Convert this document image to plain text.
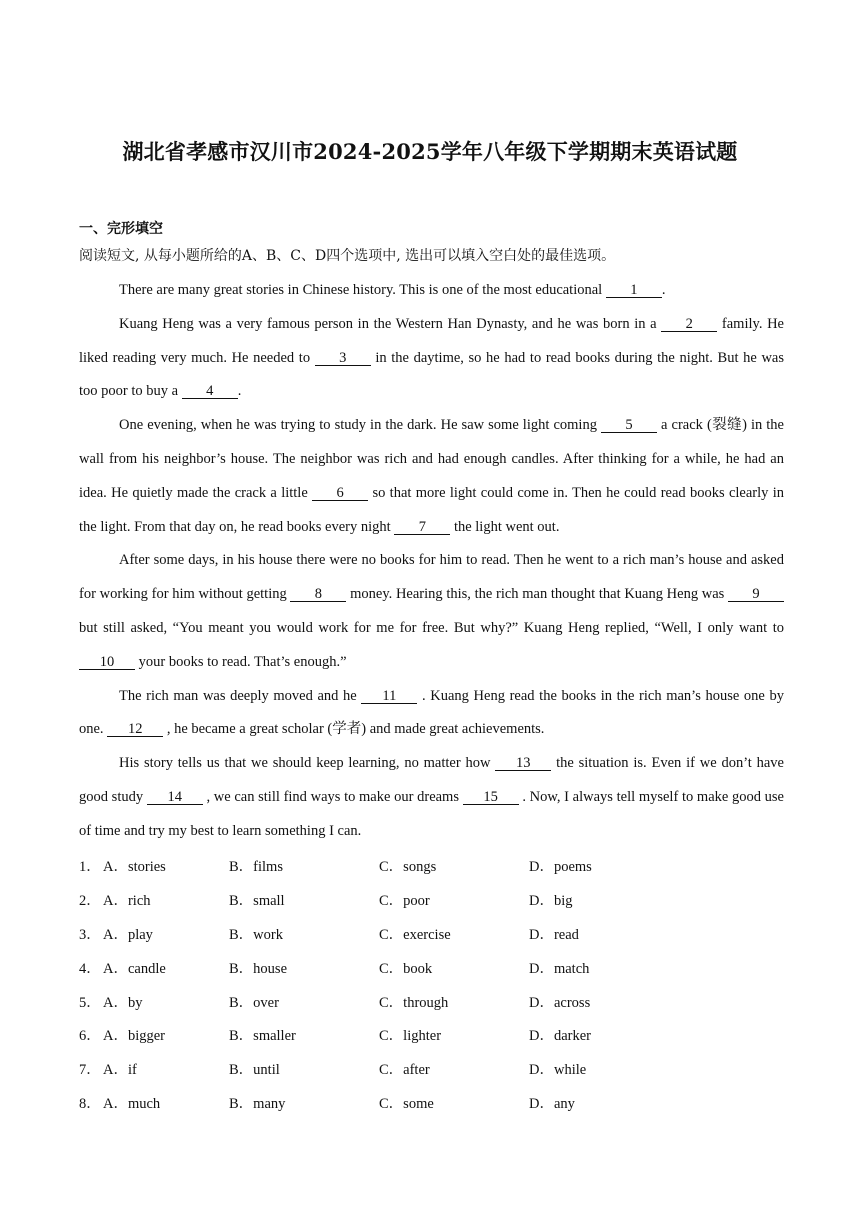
湖北省孝感市汉川市2024-2025学年八年级下学期期末英语试题
一、完形填空
阅读短文, 从每小题所给的A、B、C、D四个选项中, 选出可以填入空白处的最佳选项。

There are many great stories in Chinese history. This is one of the most educational 1 .

Kuang Heng was a very famous person in the Western Han Dynasty, and he was born in a 2 family. He liked reading very much. He needed to 3 in the daytime, so he had to read books during the night. But he was too poor to buy a 4 .

One evening, when he was trying to study in the dark. He saw some light coming 5 a crack (裂缝) in the wall from his neighbor’s house. The neighbor was rich and had enough candles. After thinking for a while, he had an idea. He quietly made the crack a little 6 so that more light could come in. Then he could read books clearly in the light. From that day on, he read books every night 7 the light went out.

After some days, in his house there were no books for him to read. Then he went to a rich man’s house and asked for working for him without getting 8 money. Hearing this, the rich man thought that Kuang Heng was 9 but still asked, “You meant you would work for me for free. But why?” Kuang Heng replied, “Well, I only want to 10 your books to read. That’s enough.”

The rich man was deeply moved and he 11 . Kuang Heng read the books in the rich man’s house one by one. 12 , he became a great scholar (学者) and made great achievements.

His story tells us that we should keep learning, no matter how 13 the situation is. Even if we don’t have good study 14 , we can still find ways to make our dreams 15 . Now, I always tell myself to make good use of time and try my best to learn something I can.

1． A．stories	B．films	C．songs	D．poems
2． A．rich	B．small	C．poor	D．big
3． A．play	B．work	C．exercise	D．read
4． A．candle	B．house	C．book	D．match
5． A．by	B．over	C．through	D．across
6． A．bigger	B．smaller	C．lighter	D．darker
7． A．if	B．until	C．after	D．while
8． A．much	B．many	C．some	D．any
